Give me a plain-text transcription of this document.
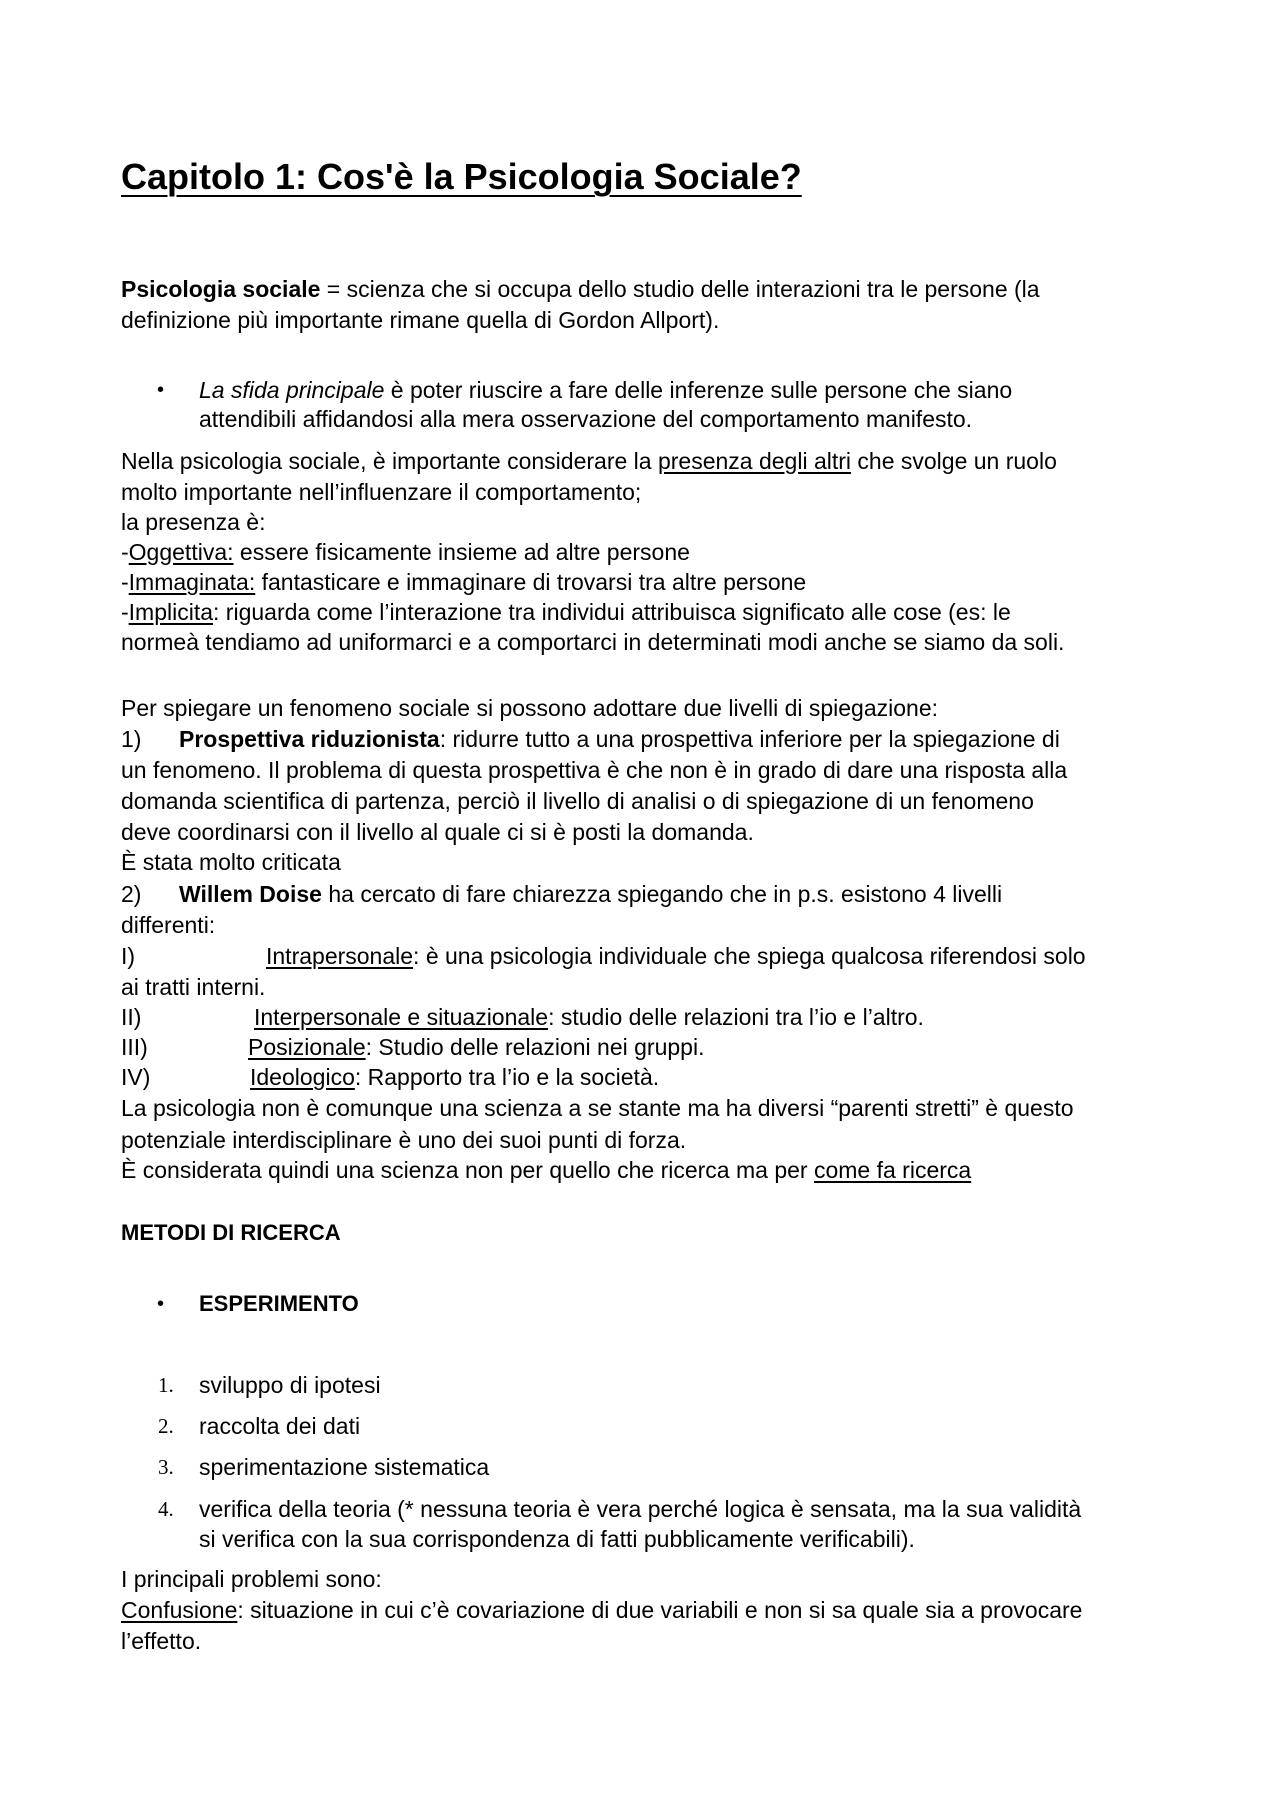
Capitolo 1: Cos'è la Psicologia Sociale?

Psicologia sociale = scienza che si occupa dello studio delle interazioni tra le persone (la

definizione più importante rimane quella di Gordon Allport).

• La sfida principale è poter riuscire a fare delle inferenze sulle persone che siano

attendibili affidandosi alla mera osservazione del comportamento manifesto.

Nella psicologia sociale, è importante considerare la presenza degli altri che svolge un ruolo

molto importante nell’influenzare il comportamento;

la presenza è:

-Oggettiva: essere fisicamente insieme ad altre persone

-Immaginata: fantasticare e immaginare di trovarsi tra altre persone

-Implicita: riguarda come l’interazione tra individui attribuisca significato alle cose (es: le

normeà tendiamo ad uniformarci e a comportarci in determinati modi anche se siamo da soli.

Per spiegare un fenomeno sociale si possono adottare due livelli di spiegazione:

1) Prospettiva riduzionista: ridurre tutto a una prospettiva inferiore per la spiegazione di

un fenomeno. Il problema di questa prospettiva è che non è in grado di dare una risposta alla

domanda scientifica di partenza, perciò il livello di analisi o di spiegazione di un fenomeno

deve coordinarsi con il livello al quale ci si è posti la domanda.

È stata molto criticata

2) Willem Doise ha cercato di fare chiarezza spiegando che in p.s. esistono 4 livelli

differenti:

I)	Intrapersonale: è una psicologia individuale che spiega qualcosa riferendosi solo

ai tratti interni.

II)	Interpersonale e situazionale: studio delle relazioni tra l’io e l’altro.

III)	Posizionale: Studio delle relazioni nei gruppi.

IV)	Ideologico: Rapporto tra l’io e la società.

La psicologia non è comunque una scienza a se stante ma ha diversi “parenti stretti” è questo

potenziale interdisciplinare è uno dei suoi punti di forza.

È considerata quindi una scienza non per quello che ricerca ma per come fa ricerca

METODI DI RICERCA

• ESPERIMENTO

1. sviluppo di ipotesi

2. raccolta dei dati

3. sperimentazione sistematica

4. verifica della teoria (* nessuna teoria è vera perché logica è sensata, ma la sua validità

si verifica con la sua corrispondenza di fatti pubblicamente verificabili).

I principali problemi sono:

Confusione: situazione in cui c’è covariazione di due variabili e non si sa quale sia a provocare

l’effetto.
